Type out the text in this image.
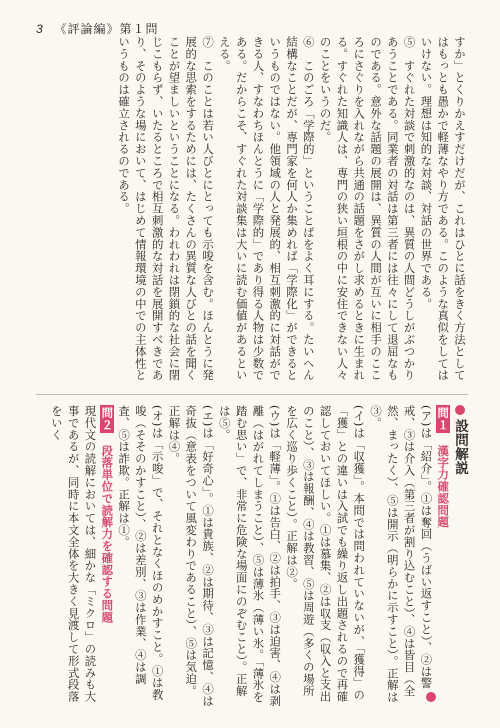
3 《評論編》第１問

すか」とくりかえすだけだが、これはひとに話をきく方法としてはもっとも愚かで軽薄なやり方である。このような真似をしてはいけない。理想は知的な対談、対話の世界である。

⑤　すぐれた対談で刺激的なのは、異質の人間どうしがぶつかりあうことである。同業者の対話は第三者には往々にして退屈なものである。意外な話題の展開は、異質の人間が互いに相手のこころにさぐりを入れながら共通の話題をさがし求めるときに生まれる。すぐれた知識人は、専門の狭い垣根の中に安住できない人々のことをいうのだ。

⑥　このごろ「学際的」ということばをよく耳にする。たいへん結構なことだが、専門家を何人か集めれば「学際化」ができるというものではない。他領域の人と発展的、相互刺激的に対話ができる人、すなわちほんとうに「学際的」であり得る人物は少数である。だからこそ、すぐれた対談集は大いに読む価値があるといえる。

⑦　このことは若い人びとにとっても示唆を含む。ほんとうに発展的な思索をするためには、たくさんの異質な人びとの話を聞くことが望ましいということになる。われわれは閉鎖的な社会に閉じこもらず、いたるところで相互刺激的な対話を展開すべきであり、そのような場において、はじめて情報環境の中での主体性というものは確立されるのである。

設問解説

問１　漢字力確認問題

(ア)は「紹介」。①は奪回（うばい返すこと）、②は警戒、③は介入（第三者が割り込むこと）、④は皆目（全然、まったく）、⑤は開示（明らかに示すこと）。正解は③。

(イ)は「収獲」。本問では問われていないが、「獲得」の「獲」との違いは入試でも繰り返し出題されるので再確認しておいてほしい。①は慕集、②は収支（収入と支出のこと）、③は報酬、④は教習、⑤は周遊（多くの場所を広く巡り歩くこと）。正解は②。

(ウ)は「軽薄」。①は告白、②は拍手、③は迫害、④は剥離（はがれてしまうこと）、⑤は薄氷（薄い氷。「薄氷を踏む思い」で、非常に危険な場面にのぞむこと）。正解は⑤。

(エ)は「好奇心」。①は貴族、②は期待、③は記憶、④は奇抜（意表をついて風変わりであること）、⑤は気迫。正解は④。

(オ)は「示唆」で、それとなくほのめかすこと。①は教唆（そそのかすこと）、②は差別、③は作業、④は調査、⑤は詐欺。正解は①。

問２　段落単位で読解力を確認する問題

現代文の読解においては、細かな「ミクロ」の読みも大事であるが、同時に本文全体を大きく見渡して形式段落をいく
